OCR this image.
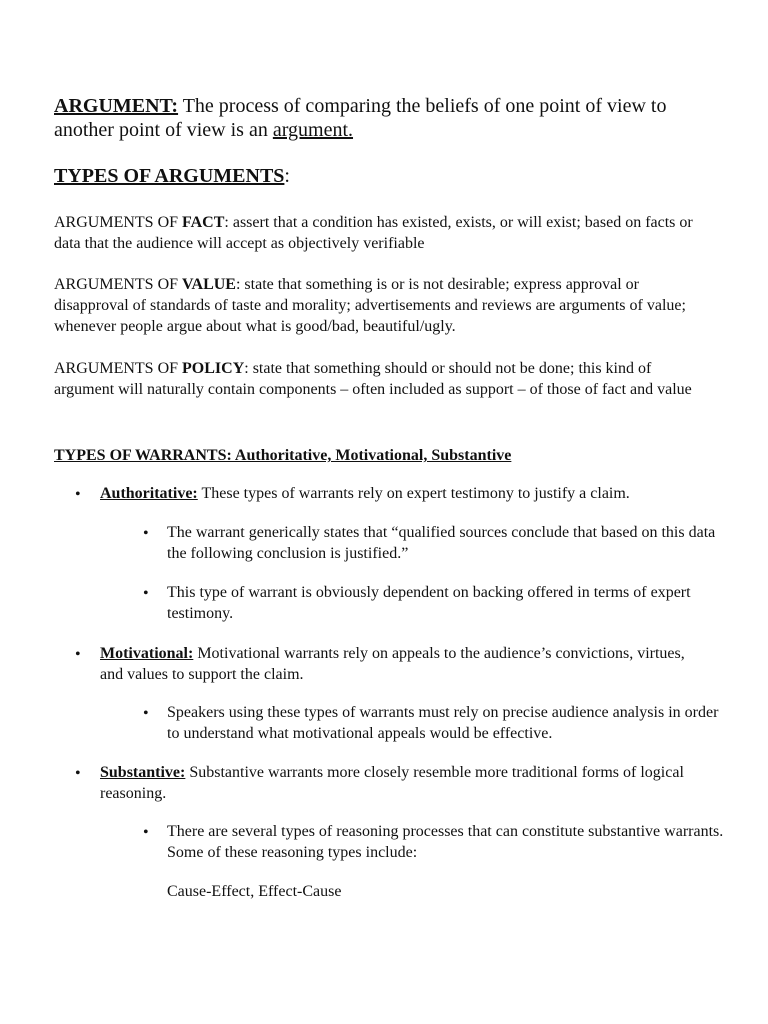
ARGUMENT: The process of comparing the beliefs of one point of view to another point of view is an argument.
TYPES OF ARGUMENTS:
ARGUMENTS OF FACT: assert that a condition has existed, exists, or will exist; based on facts or data that the audience will accept as objectively verifiable
ARGUMENTS OF VALUE: state that something is or is not desirable; express approval or disapproval of standards of taste and morality; advertisements and reviews are arguments of value; whenever people argue about what is good/bad, beautiful/ugly.
ARGUMENTS OF POLICY: state that something should or should not be done; this kind of argument will naturally contain components – often included as support – of those of fact and value
TYPES OF WARRANTS: Authoritative, Motivational, Substantive
• Authoritative: These types of warrants rely on expert testimony to justify a claim.
• The warrant generically states that “qualified sources conclude that based on this data the following conclusion is justified.”
• This type of warrant is obviously dependent on backing offered in terms of expert testimony.
• Motivational: Motivational warrants rely on appeals to the audience’s convictions, virtues, and values to support the claim.
• Speakers using these types of warrants must rely on precise audience analysis in order to understand what motivational appeals would be effective.
• Substantive: Substantive warrants more closely resemble more traditional forms of logical reasoning.
• There are several types of reasoning processes that can constitute substantive warrants. Some of these reasoning types include:
Cause-Effect, Effect-Cause
